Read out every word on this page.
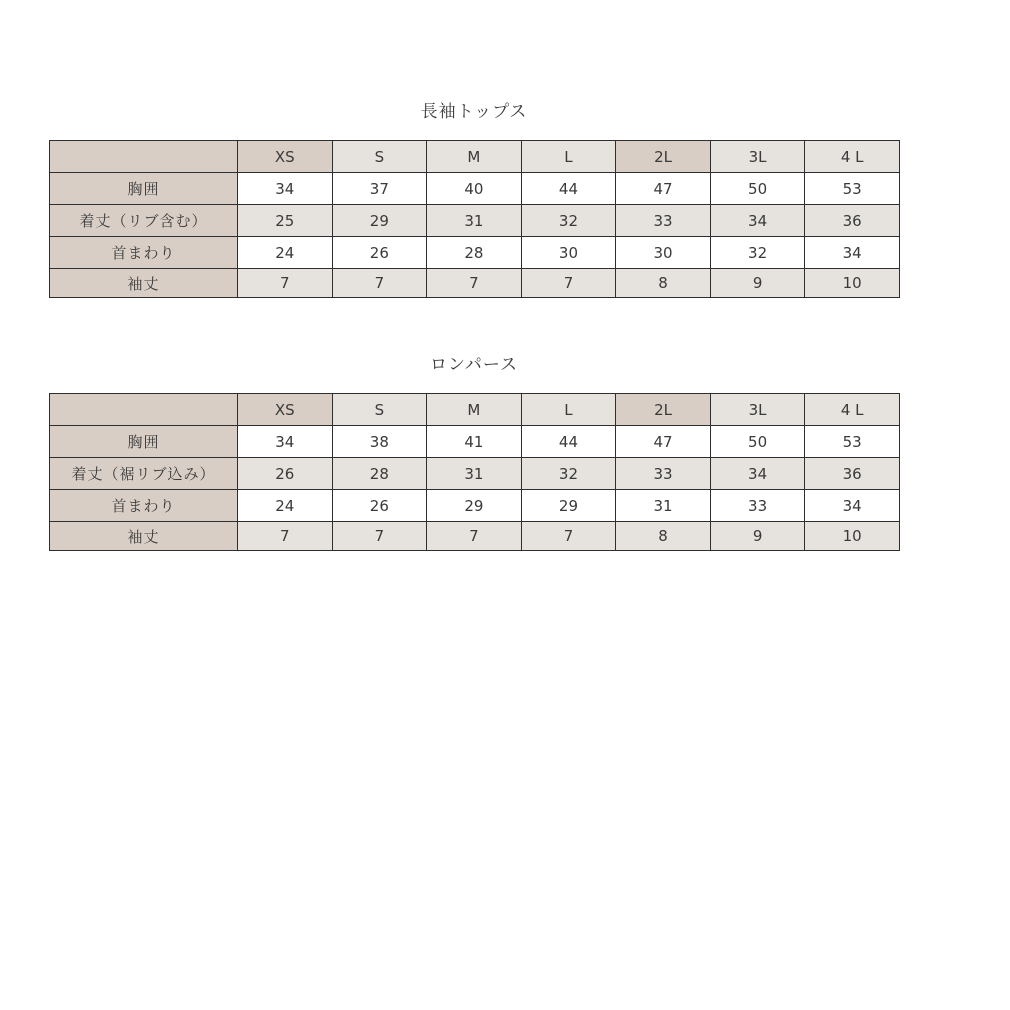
長袖トップス
	XS	S	M	L	2L	3L	4 L
胸囲	34	37	40	44	47	50	53
着丈（リブ含む）	25	29	31	32	33	34	36
首まわり	24	26	28	30	30	32	34
袖丈	7	7	7	7	8	9	10
ロンパース
	XS	S	M	L	2L	3L	4 L
胸囲	34	38	41	44	47	50	53
着丈（裾リブ込み）	26	28	31	32	33	34	36
首まわり	24	26	29	29	31	33	34
袖丈	7	7	7	7	8	9	10
